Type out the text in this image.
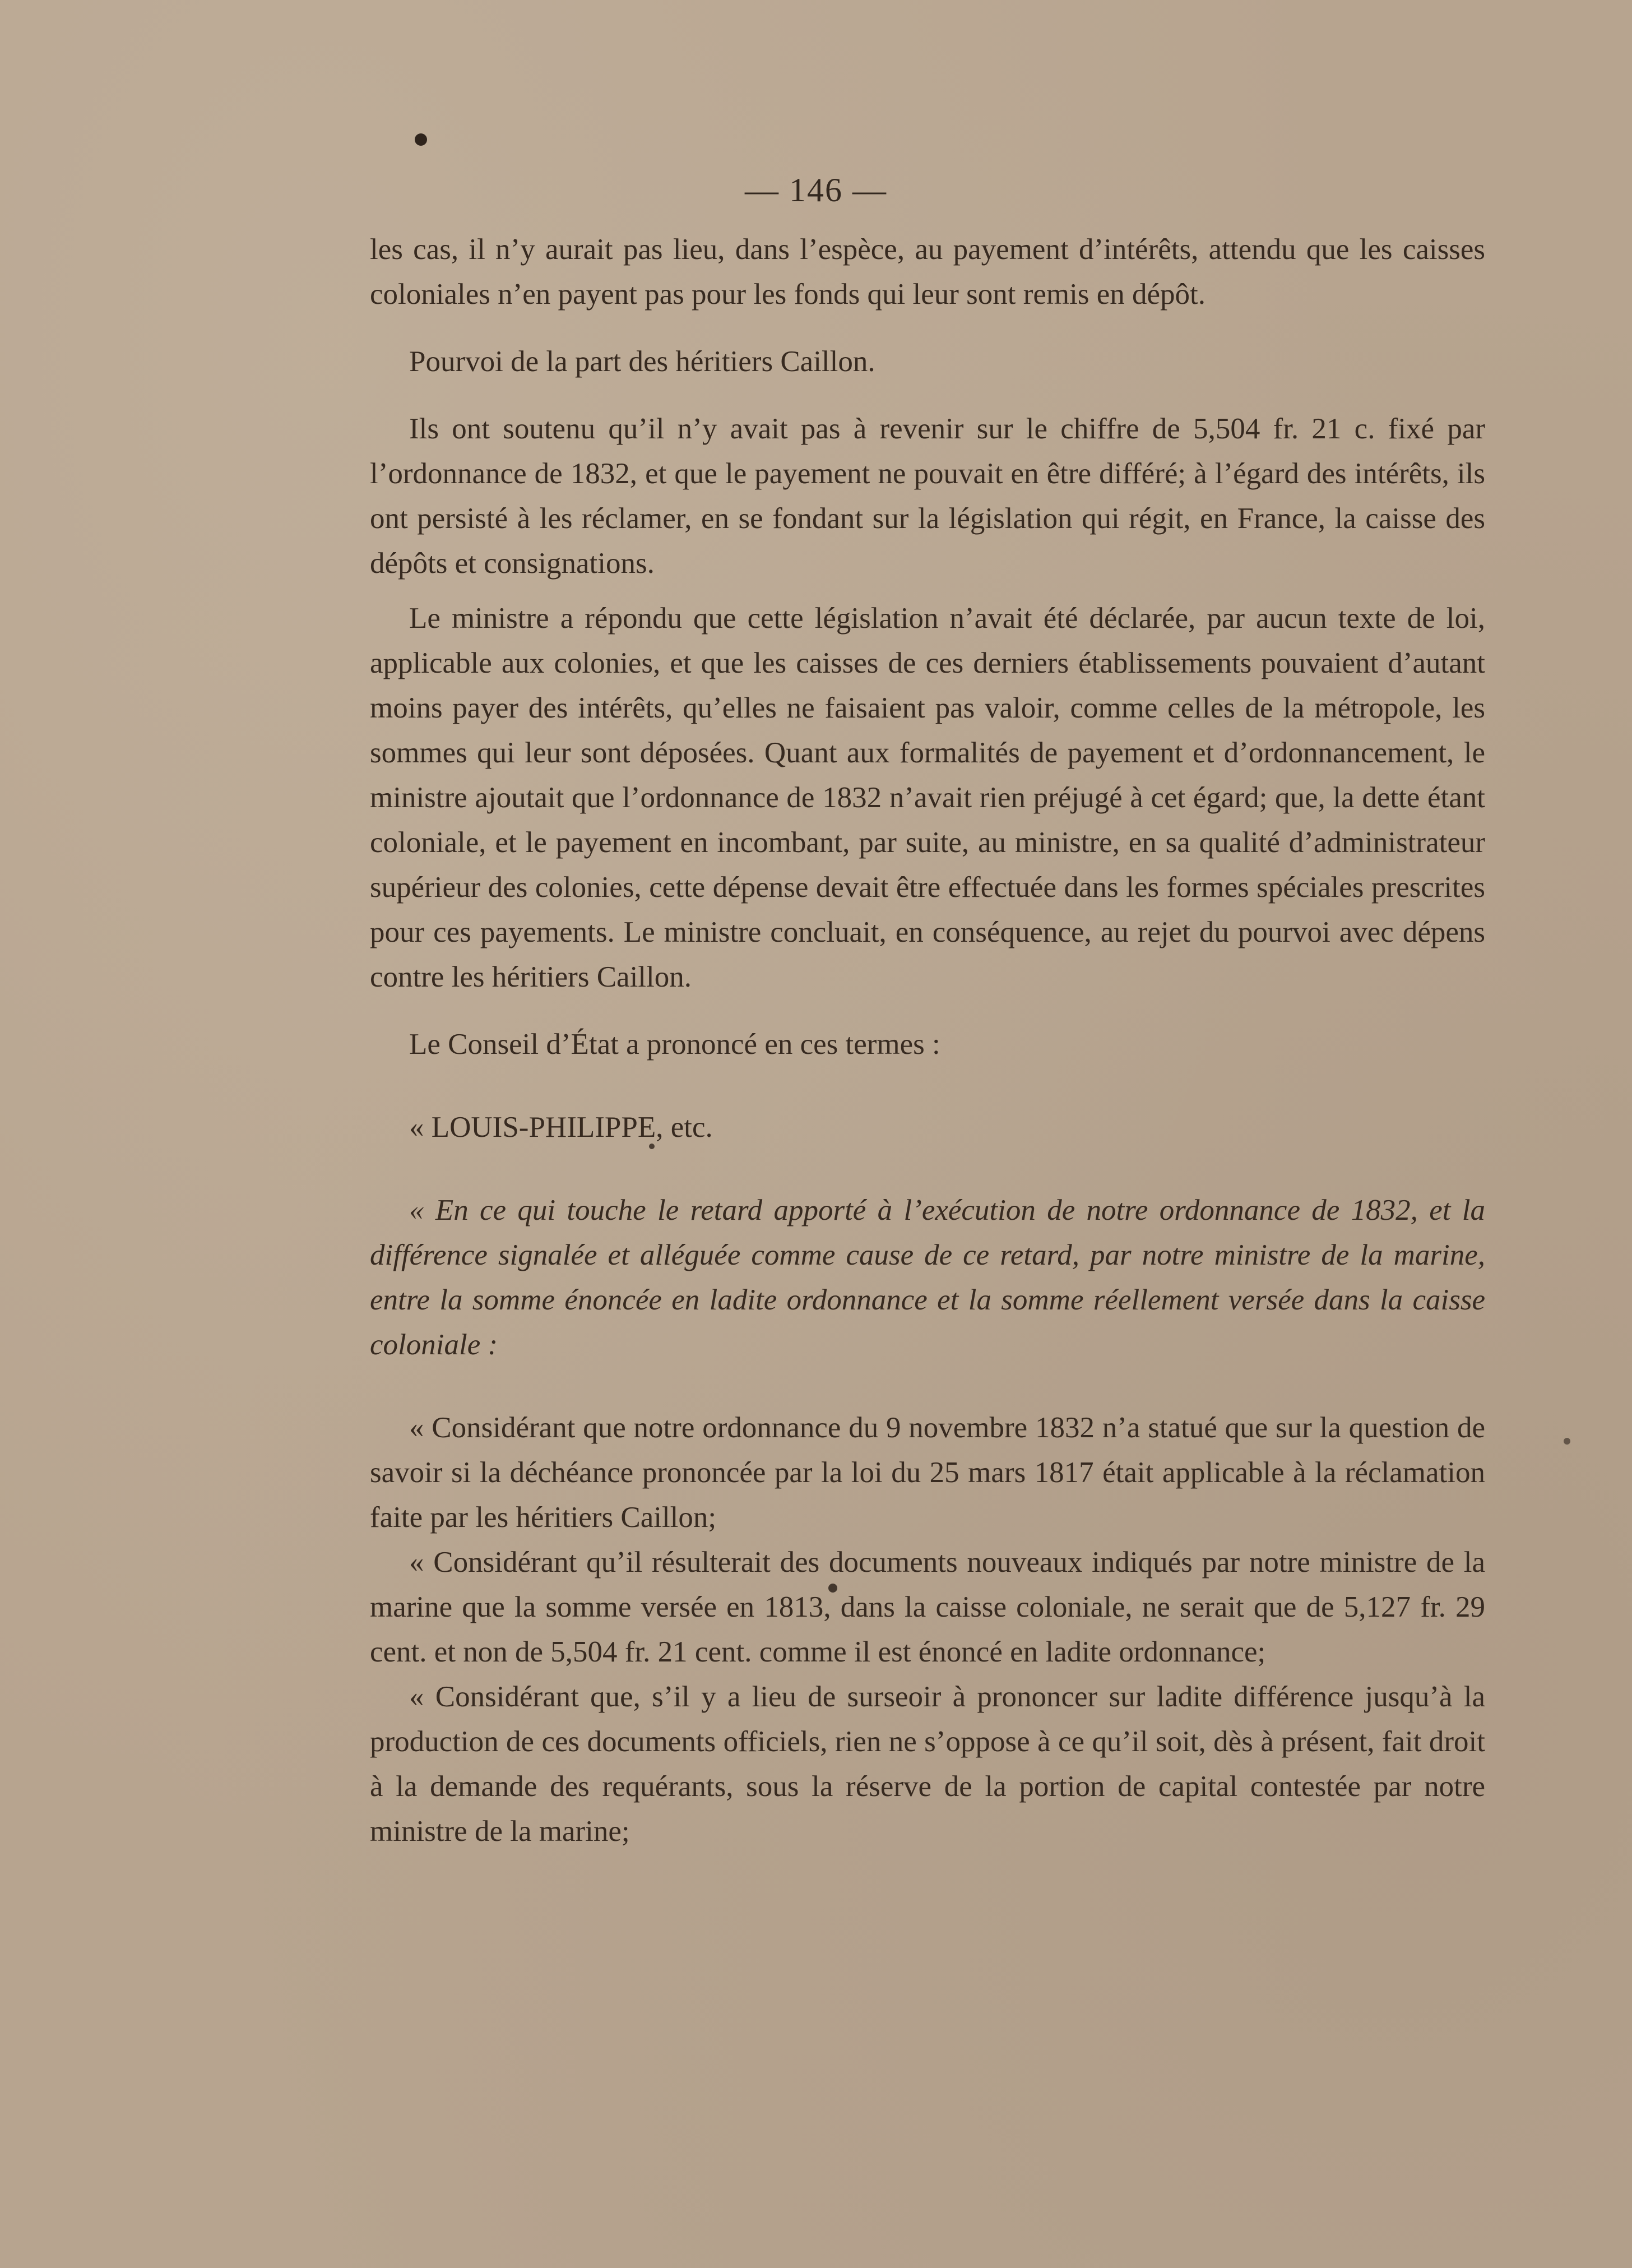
— 146 —

les cas, il n’y aurait pas lieu, dans l’espèce, au payement d’intérêts, attendu que les caisses coloniales n’en payent pas pour les fonds qui leur sont remis en dépôt.

Pourvoi de la part des héritiers Caillon.

Ils ont soutenu qu’il n’y avait pas à revenir sur le chiffre de 5,504 fr. 21 c. fixé par l’ordonnance de 1832, et que le payement ne pouvait en être différé; à l’égard des intérêts, ils ont persisté à les réclamer, en se fondant sur la législation qui régit, en France, la caisse des dépôts et consignations.

Le ministre a répondu que cette législation n’avait été déclarée, par aucun texte de loi, applicable aux colonies, et que les caisses de ces derniers établissements pouvaient d’autant moins payer des intérêts, qu’elles ne faisaient pas valoir, comme celles de la métropole, les sommes qui leur sont déposées. Quant aux formalités de payement et d’ordonnancement, le ministre ajoutait que l’ordonnance de 1832 n’avait rien préjugé à cet égard; que, la dette étant coloniale, et le payement en incombant, par suite, au ministre, en sa qualité d’administrateur supérieur des colonies, cette dépense devait être effectuée dans les formes spéciales prescrites pour ces payements. Le ministre concluait, en conséquence, au rejet du pourvoi avec dépens contre les héritiers Caillon.

Le Conseil d’État a prononcé en ces termes :

« LOUIS-PHILIPPE, etc.

« En ce qui touche le retard apporté à l’exécution de notre ordonnance de 1832, et la différence signalée et alléguée comme cause de ce retard, par notre ministre de la marine, entre la somme énoncée en ladite ordonnance et la somme réellement versée dans la caisse coloniale :

« Considérant que notre ordonnance du 9 novembre 1832 n’a statué que sur la question de savoir si la déchéance prononcée par la loi du 25 mars 1817 était applicable à la réclamation faite par les héritiers Caillon;

« Considérant qu’il résulterait des documents nouveaux indiqués par notre ministre de la marine que la somme versée en 1813, dans la caisse coloniale, ne serait que de 5,127 fr. 29 cent. et non de 5,504 fr. 21 cent. comme il est énoncé en ladite ordonnance;

« Considérant que, s’il y a lieu de surseoir à prononcer sur ladite différence jusqu’à la production de ces documents officiels, rien ne s’oppose à ce qu’il soit, dès à présent, fait droit à la demande des requérants, sous la réserve de la portion de capital contestée par notre ministre de la marine;
